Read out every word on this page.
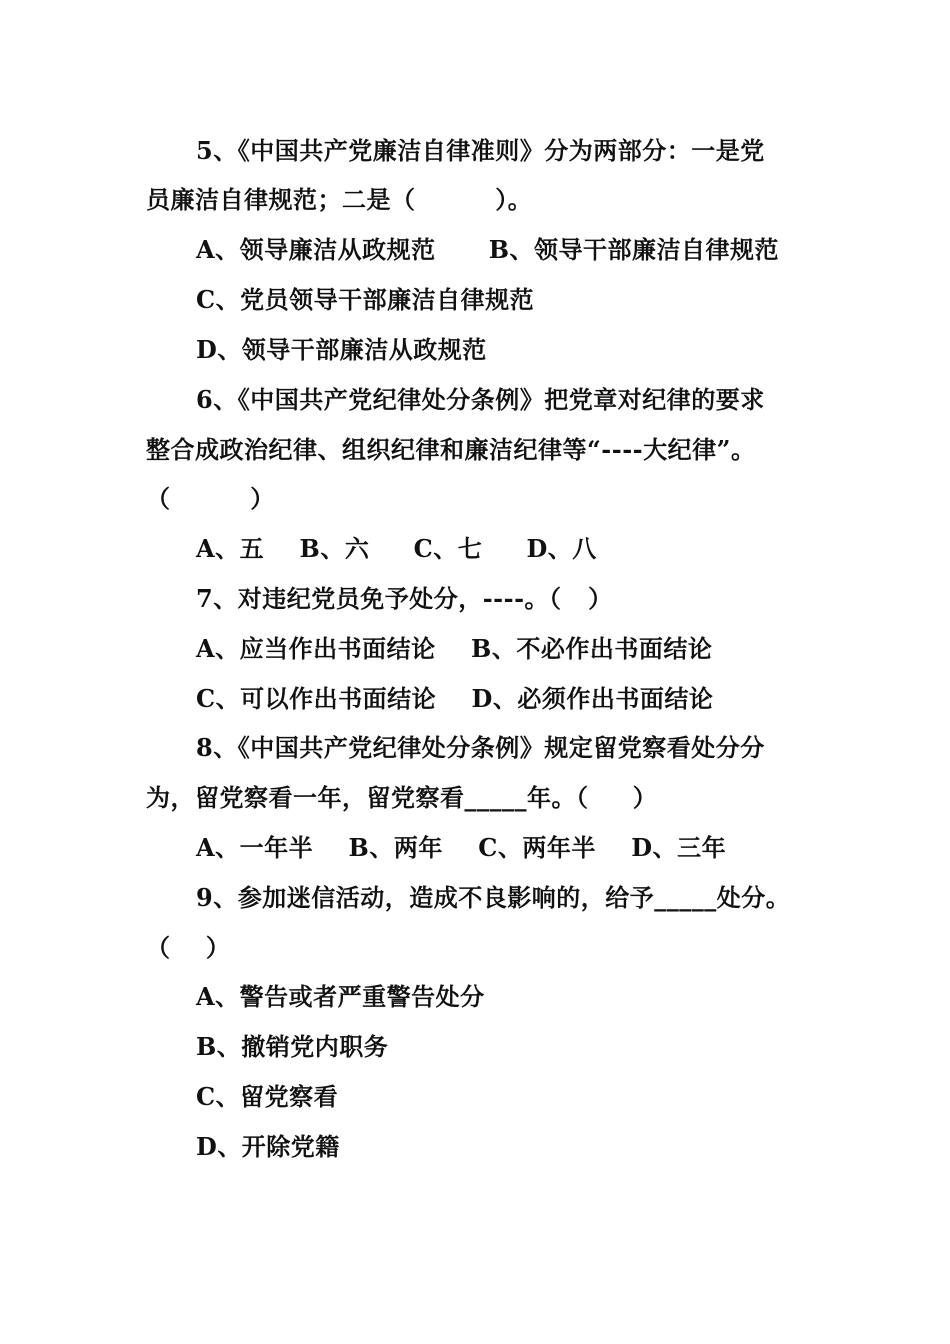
5、《中国共产党廉洁自律准则》分为两部分：一是党
员廉洁自律规范；二是（         ）。
A、领导廉洁从政规范      B、领导干部廉洁自律规范
C、党员领导干部廉洁自律规范
D、领导干部廉洁从政规范
6、《中国共产党纪律处分条例》把党章对纪律的要求
整合成政治纪律、组织纪律和廉洁纪律等“----大纪律”。
（         ）
A、五    B、六     C、七     D、八
7、对违纪党员免予处分，----。（   ）
A、应当作出书面结论    B、不必作出书面结论
C、可以作出书面结论    D、必须作出书面结论
8、《中国共产党纪律处分条例》规定留党察看处分分
为，留党察看一年，留党察看_____年。（     ）
A、一年半    B、两年    C、两年半    D、三年
9、参加迷信活动，造成不良影响的，给予_____处分。
（    ）
A、警告或者严重警告处分
B、撤销党内职务
C、留党察看
D、开除党籍
